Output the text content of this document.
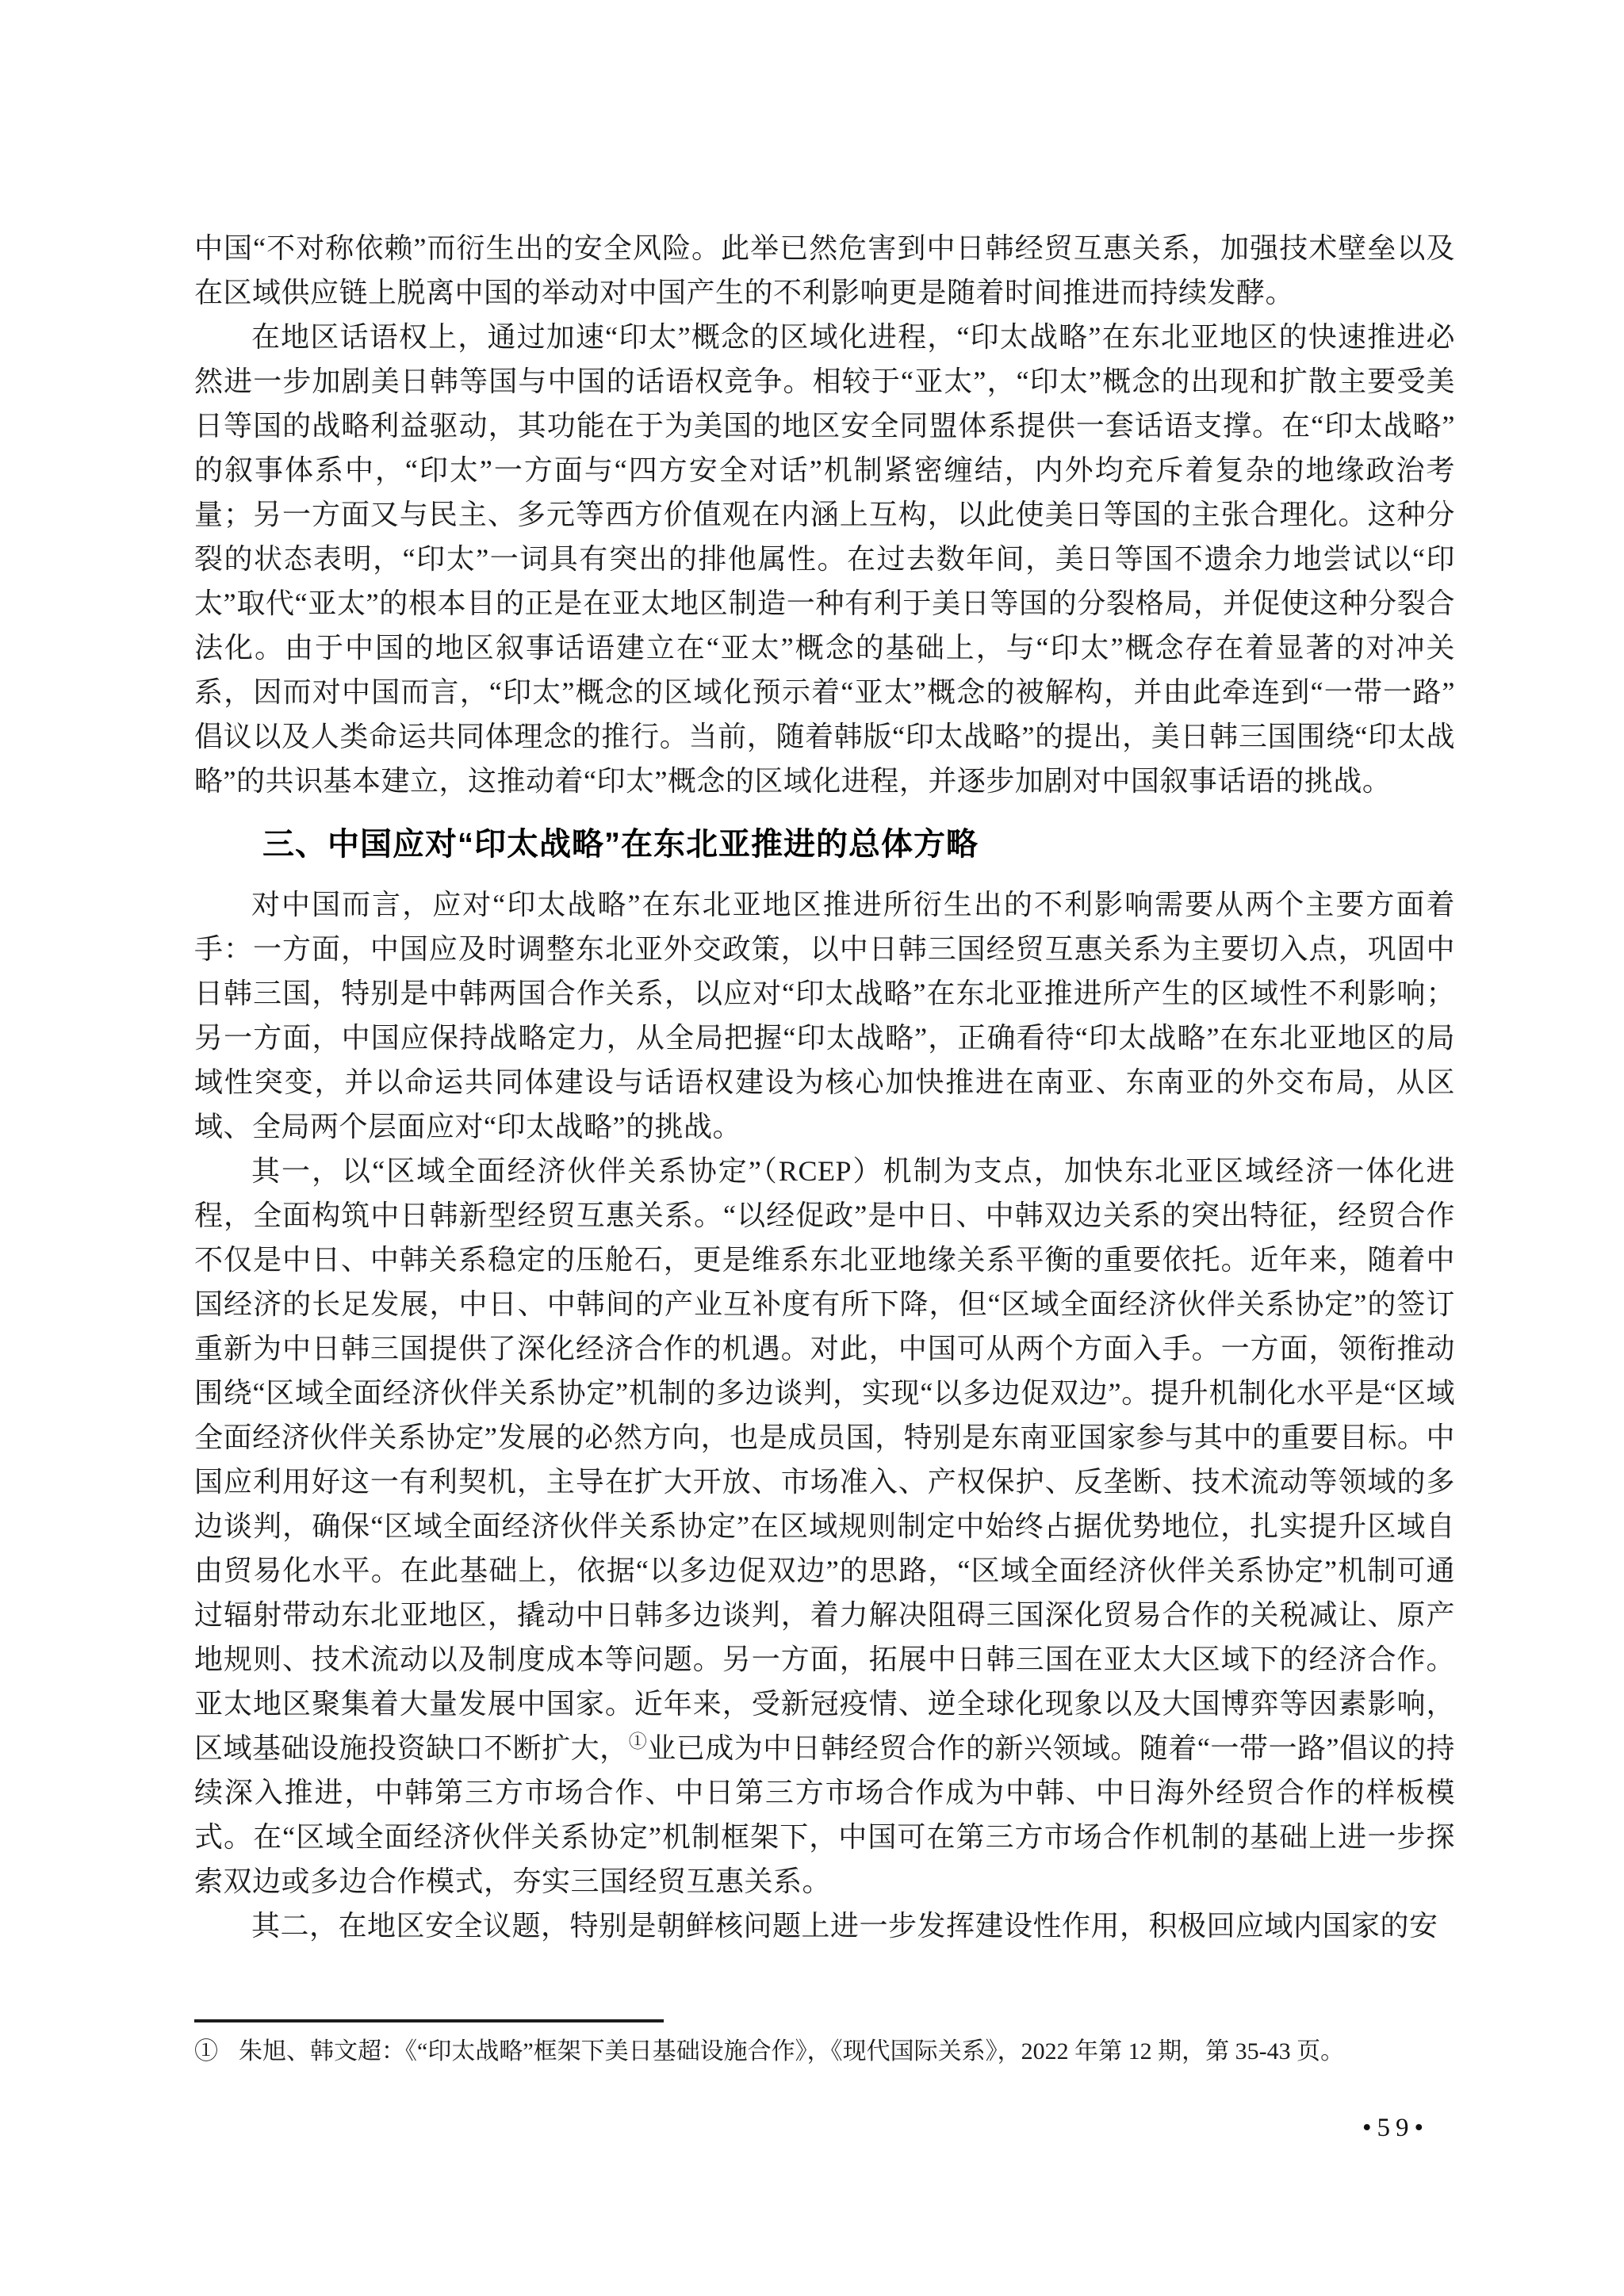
中国“不对称依赖”而衍生出的安全风险。此举已然危害到中日韩经贸互惠关系，加强技术壁垒以及在区域供应链上脱离中国的举动对中国产生的不利影响更是随着时间推进而持续发酵。

在地区话语权上，通过加速“印太”概念的区域化进程，“印太战略”在东北亚地区的快速推进必然进一步加剧美日韩等国与中国的话语权竞争。相较于“亚太”，“印太”概念的出现和扩散主要受美日等国的战略利益驱动，其功能在于为美国的地区安全同盟体系提供一套话语支撑。在“印太战略”的叙事体系中，“印太”一方面与“四方安全对话”机制紧密缠结，内外均充斥着复杂的地缘政治考量；另一方面又与民主、多元等西方价值观在内涵上互构，以此使美日等国的主张合理化。这种分裂的状态表明，“印太”一词具有突出的排他属性。在过去数年间，美日等国不遗余力地尝试以“印太”取代“亚太”的根本目的正是在亚太地区制造一种有利于美日等国的分裂格局，并促使这种分裂合法化。由于中国的地区叙事话语建立在“亚太”概念的基础上，与“印太”概念存在着显著的对冲关系，因而对中国而言，“印太”概念的区域化预示着“亚太”概念的被解构，并由此牵连到“一带一路”倡议以及人类命运共同体理念的推行。当前，随着韩版“印太战略”的提出，美日韩三国围绕“印太战略”的共识基本建立，这推动着“印太”概念的区域化进程，并逐步加剧对中国叙事话语的挑战。

三、中国应对“印太战略”在东北亚推进的总体方略

对中国而言，应对“印太战略”在东北亚地区推进所衍生出的不利影响需要从两个主要方面着手：一方面，中国应及时调整东北亚外交政策，以中日韩三国经贸互惠关系为主要切入点，巩固中日韩三国，特别是中韩两国合作关系，以应对“印太战略”在东北亚推进所产生的区域性不利影响；另一方面，中国应保持战略定力，从全局把握“印太战略”，正确看待“印太战略”在东北亚地区的局域性突变，并以命运共同体建设与话语权建设为核心加快推进在南亚、东南亚的外交布局，从区域、全局两个层面应对“印太战略”的挑战。

其一，以“区域全面经济伙伴关系协定”（RCEP）机制为支点，加快东北亚区域经济一体化进程，全面构筑中日韩新型经贸互惠关系。“以经促政”是中日、中韩双边关系的突出特征，经贸合作不仅是中日、中韩关系稳定的压舱石，更是维系东北亚地缘关系平衡的重要依托。近年来，随着中国经济的长足发展，中日、中韩间的产业互补度有所下降，但“区域全面经济伙伴关系协定”的签订重新为中日韩三国提供了深化经济合作的机遇。对此，中国可从两个方面入手。一方面，领衔推动围绕“区域全面经济伙伴关系协定”机制的多边谈判，实现“以多边促双边”。提升机制化水平是“区域全面经济伙伴关系协定”发展的必然方向，也是成员国，特别是东南亚国家参与其中的重要目标。中国应利用好这一有利契机，主导在扩大开放、市场准入、产权保护、反垄断、技术流动等领域的多边谈判，确保“区域全面经济伙伴关系协定”在区域规则制定中始终占据优势地位，扎实提升区域自由贸易化水平。在此基础上，依据“以多边促双边”的思路，“区域全面经济伙伴关系协定”机制可通过辐射带动东北亚地区，撬动中日韩多边谈判，着力解决阻碍三国深化贸易合作的关税减让、原产地规则、技术流动以及制度成本等问题。另一方面，拓展中日韩三国在亚太大区域下的经济合作。亚太地区聚集着大量发展中国家。近年来，受新冠疫情、逆全球化现象以及大国博弈等因素影响，区域基础设施投资缺口不断扩大，①业已成为中日韩经贸合作的新兴领域。随着“一带一路”倡议的持续深入推进，中韩第三方市场合作、中日第三方市场合作成为中韩、中日海外经贸合作的样板模式。在“区域全面经济伙伴关系协定”机制框架下，中国可在第三方市场合作机制的基础上进一步探索双边或多边合作模式，夯实三国经贸互惠关系。

其二，在地区安全议题，特别是朝鲜核问题上进一步发挥建设性作用，积极回应域内国家的安

① 朱旭、韩文超：《“印太战略”框架下美日基础设施合作》，《现代国际关系》，2022 年第 12 期，第 35-43 页。

•59•
